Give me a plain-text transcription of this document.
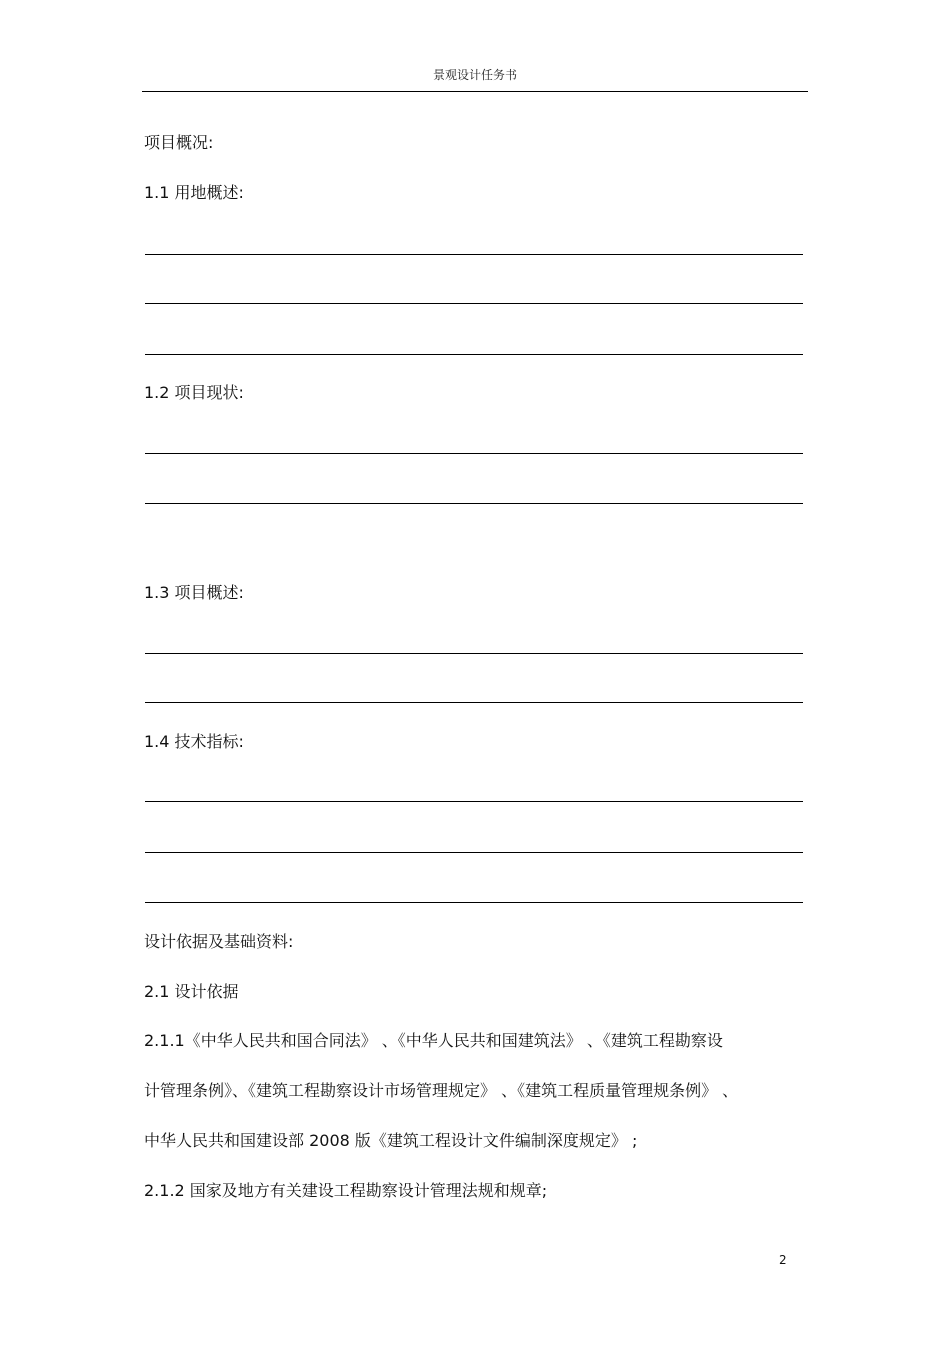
景观设计任务书
项目概况:
1.1 用地概述:
1.2 项目现状:
1.3 项目概述:
1.4 技术指标:
设计依据及基础资料:
2.1 设计依据
2.1.1《中华人民共和国合同法》 、《中华人民共和国建筑法》 、《建筑工程勘察设
计管理条例》、《建筑工程勘察设计市场管理规定》 、《建筑工程质量管理规条例》 、
中华人民共和国建设部 2008 版《建筑工程设计文件编制深度规定》 ;
2.1.2 国家及地方有关建设工程勘察设计管理法规和规章;
2
